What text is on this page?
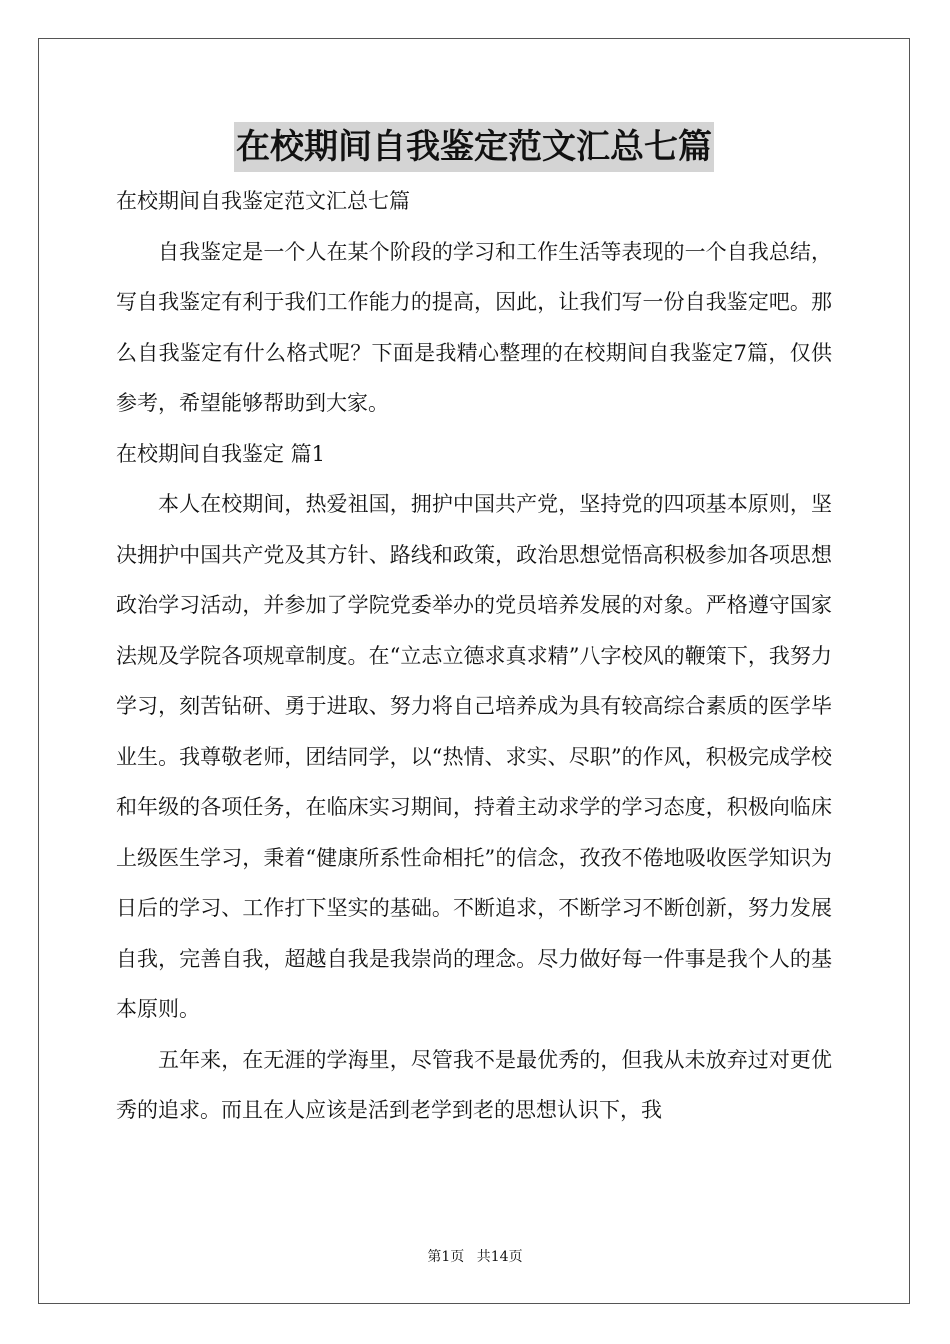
在校期间自我鉴定范文汇总七篇
在校期间自我鉴定范文汇总七篇

自我鉴定是一个人在某个阶段的学习和工作生活等表现的一个自我总结，写自我鉴定有利于我们工作能力的提高，因此，让我们写一份自我鉴定吧。那么自我鉴定有什么格式呢？下面是我精心整理的在校期间自我鉴定7篇，仅供参考，希望能够帮助到大家。

在校期间自我鉴定 篇1

本人在校期间，热爱祖国，拥护中国共产党，坚持党的四项基本原则，坚决拥护中国共产党及其方针、路线和政策，政治思想觉悟高积极参加各项思想政治学习活动，并参加了学院党委举办的党员培养发展的对象。严格遵守国家法规及学院各项规章制度。在“立志立德求真求精”八字校风的鞭策下，我努力学习，刻苦钻研、勇于进取、努力将自己培养成为具有较高综合素质的医学毕业生。我尊敬老师，团结同学，以“热情、求实、尽职”的作风，积极完成学校和年级的各项任务，在临床实习期间，持着主动求学的学习态度，积极向临床上级医生学习，秉着“健康所系性命相托”的信念，孜孜不倦地吸收医学知识为日后的学习、工作打下坚实的基础。不断追求，不断学习不断创新，努力发展自我，完善自我，超越自我是我崇尚的理念。尽力做好每一件事是我个人的基本原则。

五年来，在无涯的学海里，尽管我不是最优秀的，但我从未放弃过对更优秀的追求。而且在人应该是活到老学到老的思想认识下，我

第1页 共14页
